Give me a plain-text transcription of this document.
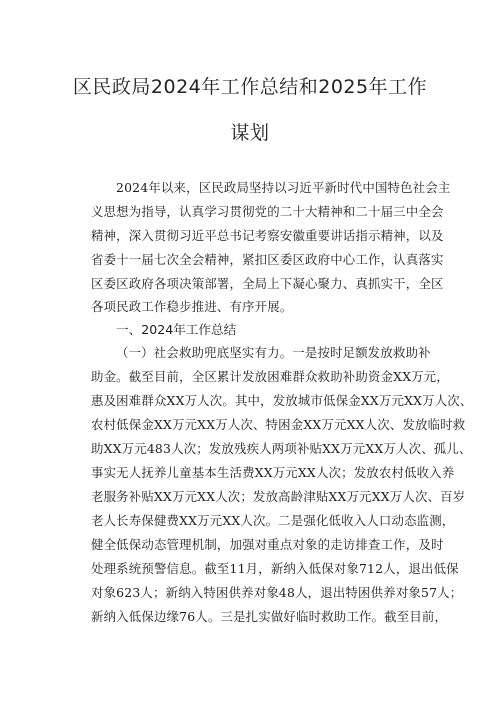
区民政局2024年工作总结和2025年工作
谋划
2024年以来，区民政局坚持以习近平新时代中国特色社会主
义思想为指导，认真学习贯彻党的二十大精神和二十届三中全会
精神，深入贯彻习近平总书记考察安徽重要讲话指示精神，以及
省委十一届七次全会精神，紧扣区委区政府中心工作，认真落实
区委区政府各项决策部署，全局上下凝心聚力、真抓实干，全区
各项民政工作稳步推进、有序开展。
一、2024年工作总结
（一）社会救助兜底坚实有力。一是按时足额发放救助补
助金。截至目前，全区累计发放困难群众救助补助资金XX万元，
惠及困难群众XX万人次。其中，发放城市低保金XX万元XX万人次、
农村低保金XX万元XX万人次、特困金XX万元XX人次、发放临时救
助XX万元483人次；发放残疾人两项补贴XX万元XX万人次、孤儿、
事实无人抚养儿童基本生活费XX万元XX人次；发放农村低收入养
老服务补贴XX万元XX人次；发放高龄津贴XX万元XX万人次、百岁
老人长寿保健费XX万元XX人次。二是强化低收入人口动态监测，
健全低保动态管理机制，加强对重点对象的走访排查工作，及时
处理系统预警信息。截至11月，新纳入低保对象712人，退出低保
对象623人；新纳入特困供养对象48人，退出特困供养对象57人；
新纳入低保边缘76人。三是扎实做好临时救助工作。截至目前，
